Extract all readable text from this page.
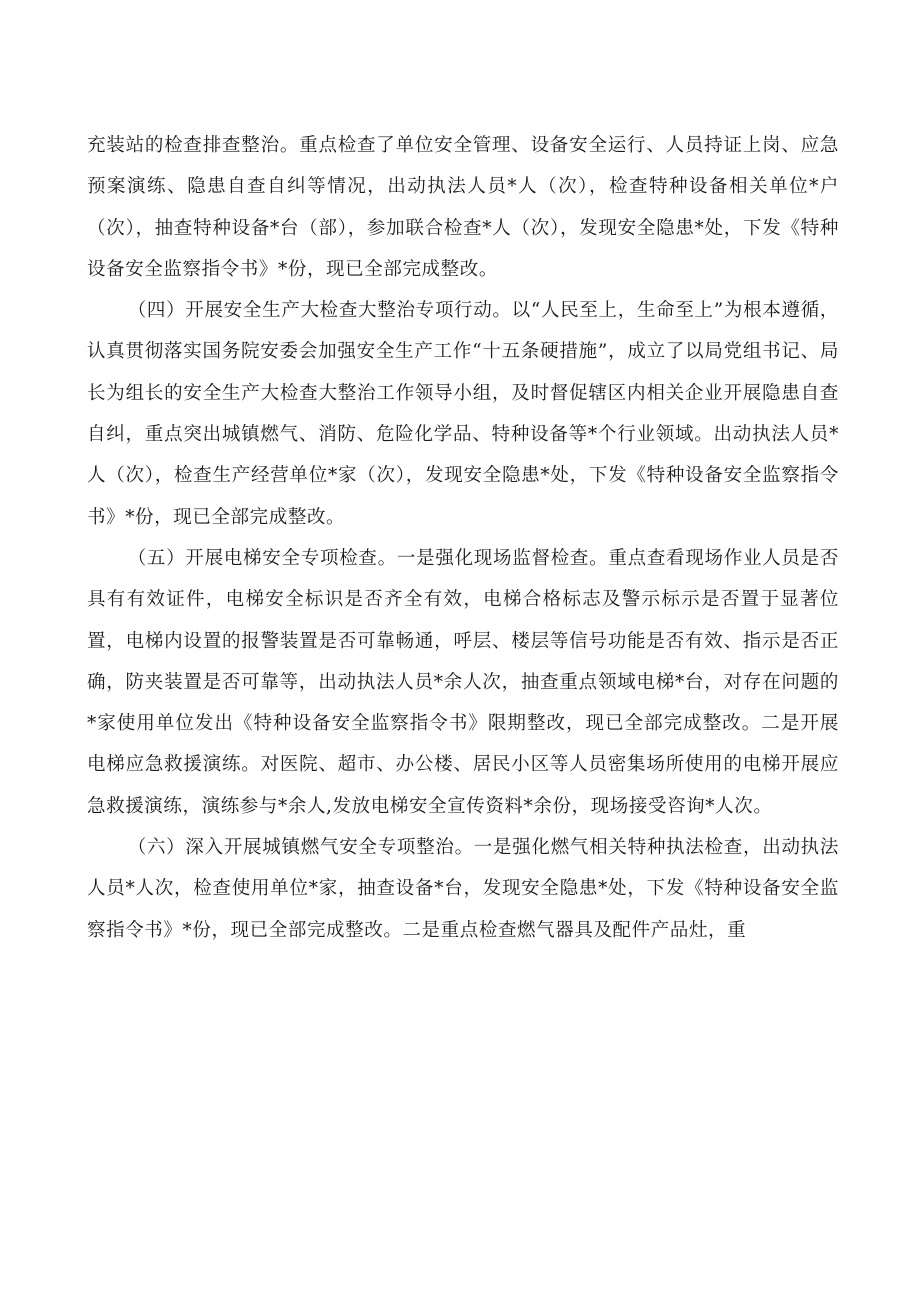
充装站的检查排查整治。重点检查了单位安全管理、设备安全运行、人员持证上岗、应急预案演练、隐患自查自纠等情况，出动执法人员*人（次），检查特种设备相关单位*户（次），抽查特种设备*台（部），参加联合检查*人（次），发现安全隐患*处，下发《特种设备安全监察指令书》*份，现已全部完成整改。

（四）开展安全生产大检查大整治专项行动。以“人民至上，生命至上”为根本遵循，认真贯彻落实国务院安委会加强安全生产工作“十五条硬措施”，成立了以局党组书记、局长为组长的安全生产大检查大整治工作领导小组，及时督促辖区内相关企业开展隐患自查自纠，重点突出城镇燃气、消防、危险化学品、特种设备等*个行业领域。出动执法人员*人（次），检查生产经营单位*家（次），发现安全隐患*处，下发《特种设备安全监察指令书》*份，现已全部完成整改。

（五）开展电梯安全专项检查。一是强化现场监督检查。重点查看现场作业人员是否具有有效证件，电梯安全标识是否齐全有效，电梯合格标志及警示标示是否置于显著位置，电梯内设置的报警装置是否可靠畅通，呼层、楼层等信号功能是否有效、指示是否正确，防夹装置是否可靠等，出动执法人员*余人次，抽查重点领域电梯*台，对存在问题的*家使用单位发出《特种设备安全监察指令书》限期整改，现已全部完成整改。二是开展电梯应急救援演练。对医院、超市、办公楼、居民小区等人员密集场所使用的电梯开展应急救援演练，演练参与*余人,发放电梯安全宣传资料*余份，现场接受咨询*人次。

（六）深入开展城镇燃气安全专项整治。一是强化燃气相关特种执法检查，出动执法人员*人次，检查使用单位*家，抽查设备*台，发现安全隐患*处，下发《特种设备安全监察指令书》*份，现已全部完成整改。二是重点检查燃气器具及配件产品灶，重
